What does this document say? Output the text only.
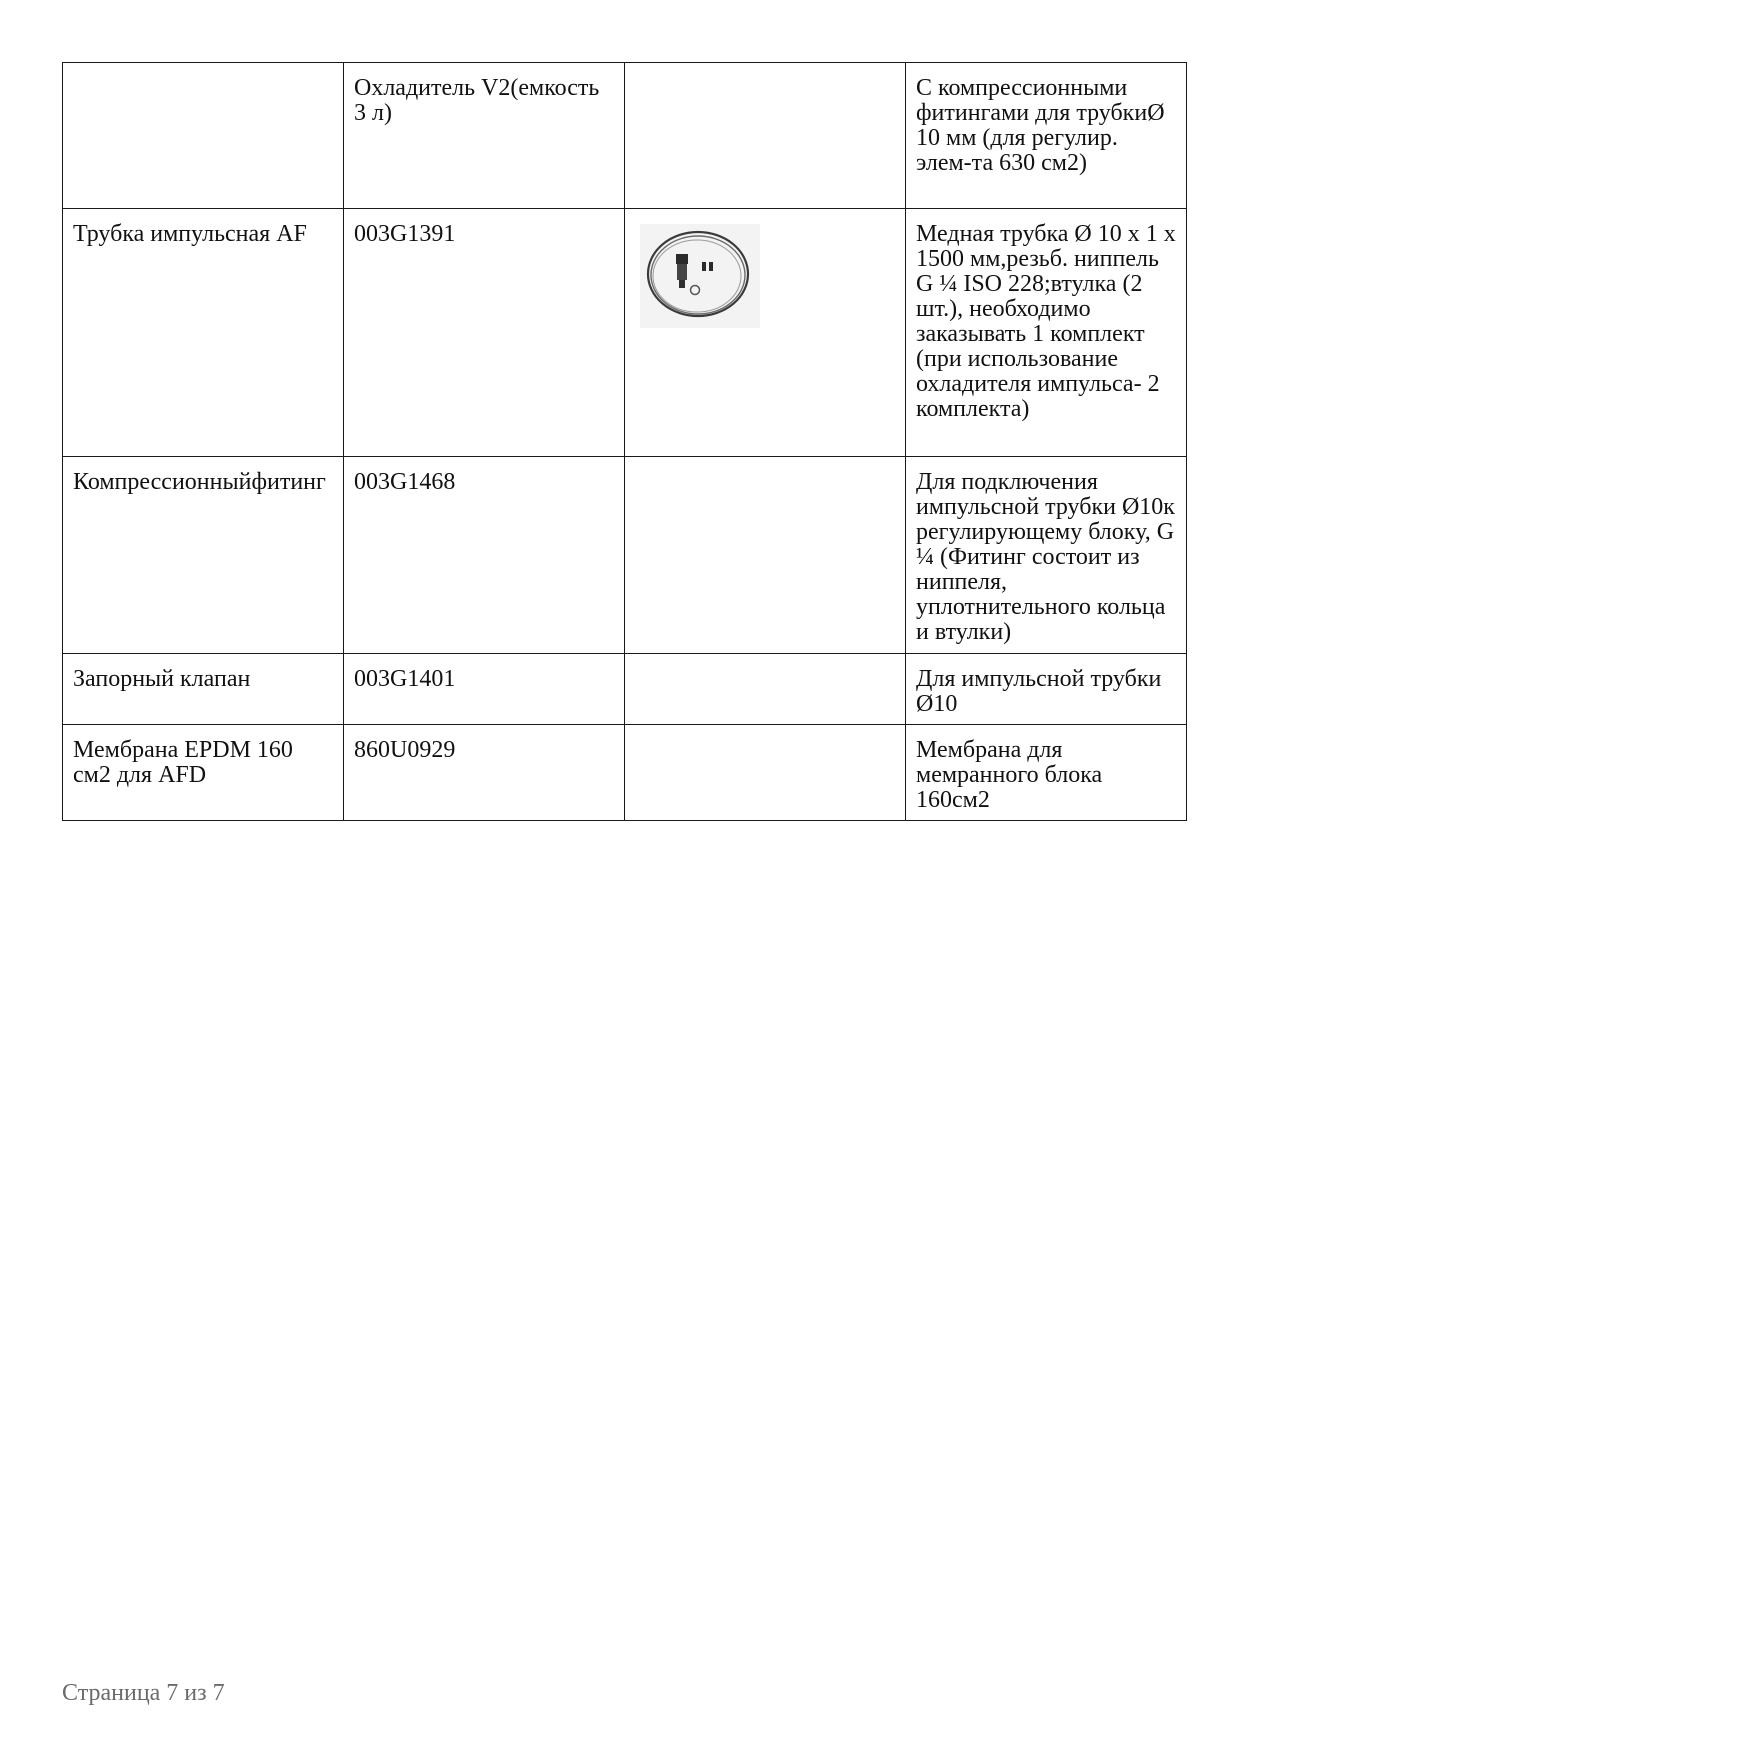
	Охладитель V2(емкость 3 л)		С компрессионными фитингами для трубкиØ 10 мм (для регулир. элем-та 630 см2)
Трубка импульсная AF	003G1391		Медная трубка Ø 10 х 1 х 1500 мм,резьб. ниппель G ¼ ISO 228;втулка (2 шт.), необходимо заказывать 1 комплект (при использование охладителя импульса- 2 комплекта)
Компрессионныйфитинг	003G1468		Для подключения импульсной трубки Ø10к регулирующему блоку, G ¼ (Фитинг состоит из ниппеля, уплотнительного кольца и втулки)
Запорный клапан	003G1401		Для импульсной трубки Ø10
Мембрана EPDM 160 см2 для AFD	860U0929		Мембрана для мемранного блока 160см2
Страница 7 из 7
